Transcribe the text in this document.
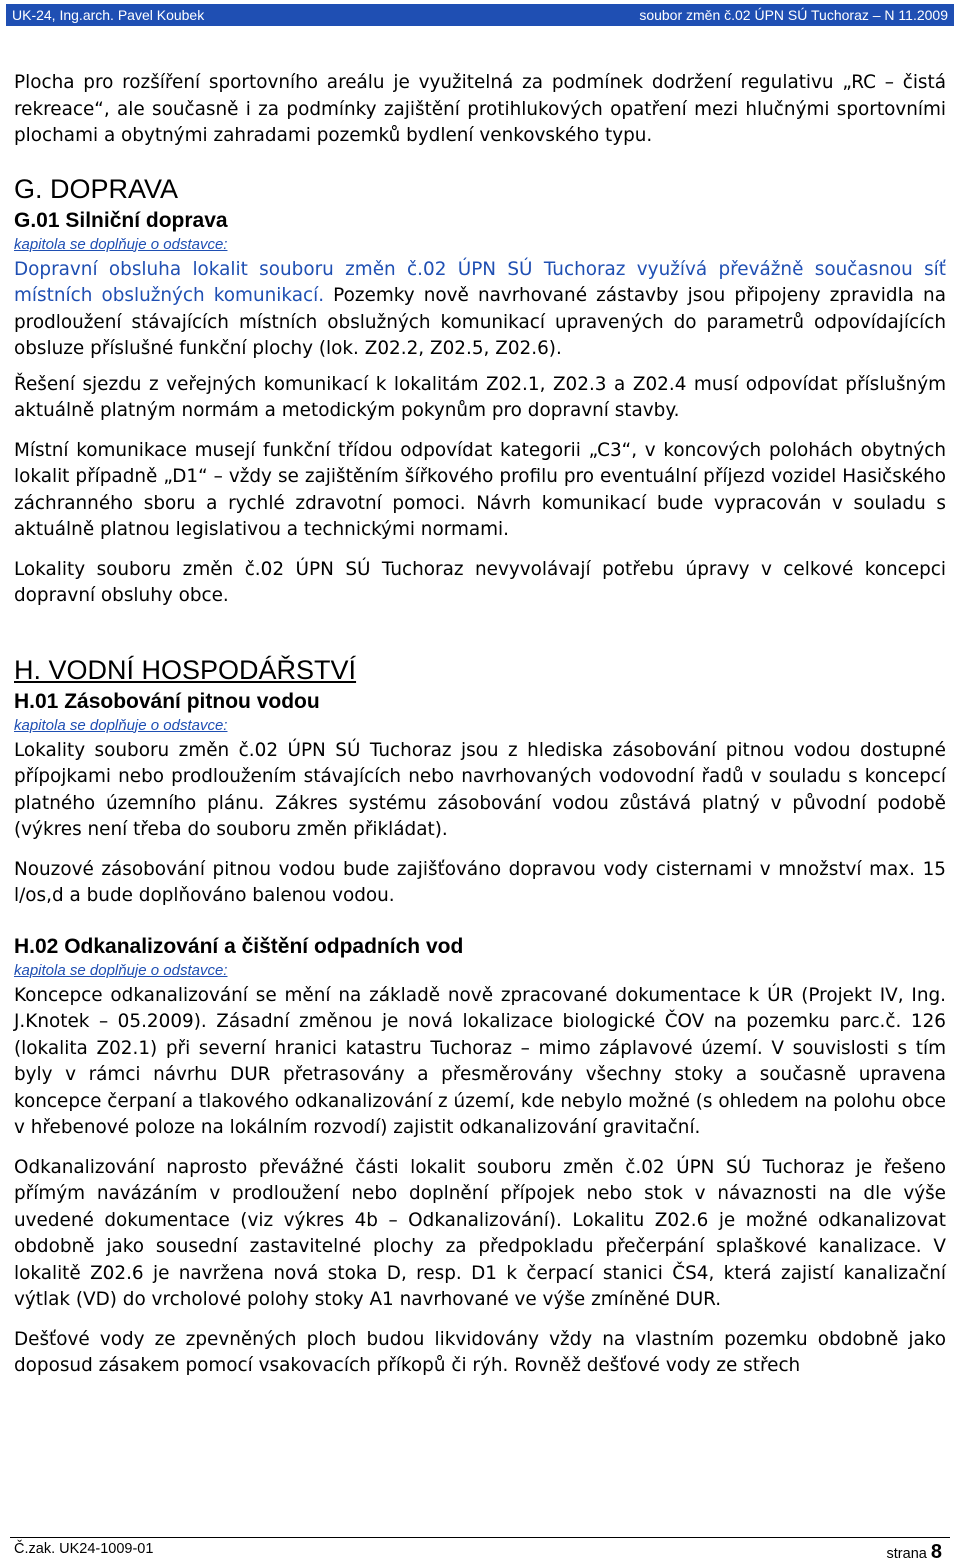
UK-24, Ing.arch. Pavel Koubek	soubor změn č.02 ÚPN SÚ Tuchoraz – N 11.2009

Plocha pro rozšíření sportovního areálu je využitelná za podmínek dodržení regulativu „RC – čistá rekreace“, ale současně i za podmínky zajištění protihlukových opatření mezi hlučnými sportovními plochami a obytnými zahradami pozemků bydlení venkovského typu.

G. DOPRAVA
G.01 Silniční doprava
kapitola se doplňuje o odstavce:

Dopravní obsluha lokalit souboru změn č.02 ÚPN SÚ Tuchoraz využívá převážně současnou síť místních obslužných komunikací. Pozemky nově navrhované zástavby jsou připojeny zpravidla na prodloužení stávajících místních obslužných komunikací upravených do parametrů odpovídajících obsluze příslušné funkční plochy (lok. Z02.2, Z02.5, Z02.6).

Řešení sjezdu z veřejných komunikací k lokalitám Z02.1, Z02.3 a Z02.4 musí odpovídat příslušným aktuálně platným normám a metodickým pokynům pro dopravní stavby.

Místní komunikace musejí funkční třídou odpovídat kategorii „C3“, v koncových polohách obytných lokalit případně „D1“ – vždy se zajištěním šířkového profilu pro eventuální příjezd vozidel Hasičského záchranného sboru a rychlé zdravotní pomoci. Návrh komunikací bude vypracován v souladu s aktuálně platnou legislativou a technickými normami.

Lokality souboru změn č.02 ÚPN SÚ Tuchoraz nevyvolávají potřebu úpravy v celkové koncepci dopravní obsluhy obce.

H. VODNÍ HOSPODÁŘSTVÍ
H.01 Zásobování pitnou vodou
kapitola se doplňuje o odstavce:

Lokality souboru změn č.02 ÚPN SÚ Tuchoraz jsou z hlediska zásobování pitnou vodou dostupné přípojkami nebo prodloužením stávajících nebo navrhovaných vodovodní řadů v souladu s koncepcí platného územního plánu. Zákres systému zásobování vodou zůstává platný v původní podobě (výkres není třeba do souboru změn přikládat).

Nouzové zásobování pitnou vodou bude zajišťováno dopravou vody cisternami v množství max. 15 l/os,d a bude doplňováno balenou vodou.

H.02 Odkanalizování a čištění odpadních vod
kapitola se doplňuje o odstavce:

Koncepce odkanalizování se mění na základě nově zpracované dokumentace k ÚR (Projekt IV, Ing. J.Knotek – 05.2009). Zásadní změnou je nová lokalizace biologické ČOV na pozemku parc.č. 126 (lokalita Z02.1) při severní hranici katastru Tuchoraz – mimo záplavové území. V souvislosti s tím byly v rámci návrhu DUR přetrasovány a přesměrovány všechny stoky a současně upravena koncepce čerpaní a tlakového odkanalizování z území, kde nebylo možné (s ohledem na polohu obce v hřebenové poloze na lokálním rozvodí) zajistit odkanalizování gravitační.

Odkanalizování naprosto převážné části lokalit souboru změn č.02 ÚPN SÚ Tuchoraz je řešeno přímým navázáním v prodloužení nebo doplnění přípojek nebo stok v návaznosti na dle výše uvedené dokumentace (viz výkres 4b – Odkanalizování). Lokalitu Z02.6 je možné odkanalizovat obdobně jako sousední zastavitelné plochy za předpokladu přečerpání splaškové kanalizace. V lokalitě Z02.6 je navržena nová stoka D, resp. D1 k čerpací stanici ČS4, která zajistí kanalizační výtlak (VD) do vrcholové polohy stoky A1 navrhované ve výše zmíněné DUR.

Dešťové vody ze zpevněných ploch budou likvidovány vždy na vlastním pozemku obdobně jako doposud zásakem pomocí vsakovacích příkopů či rýh. Rovněž dešťové vody ze střech

Č.zak. UK24-1009-01	strana 8
